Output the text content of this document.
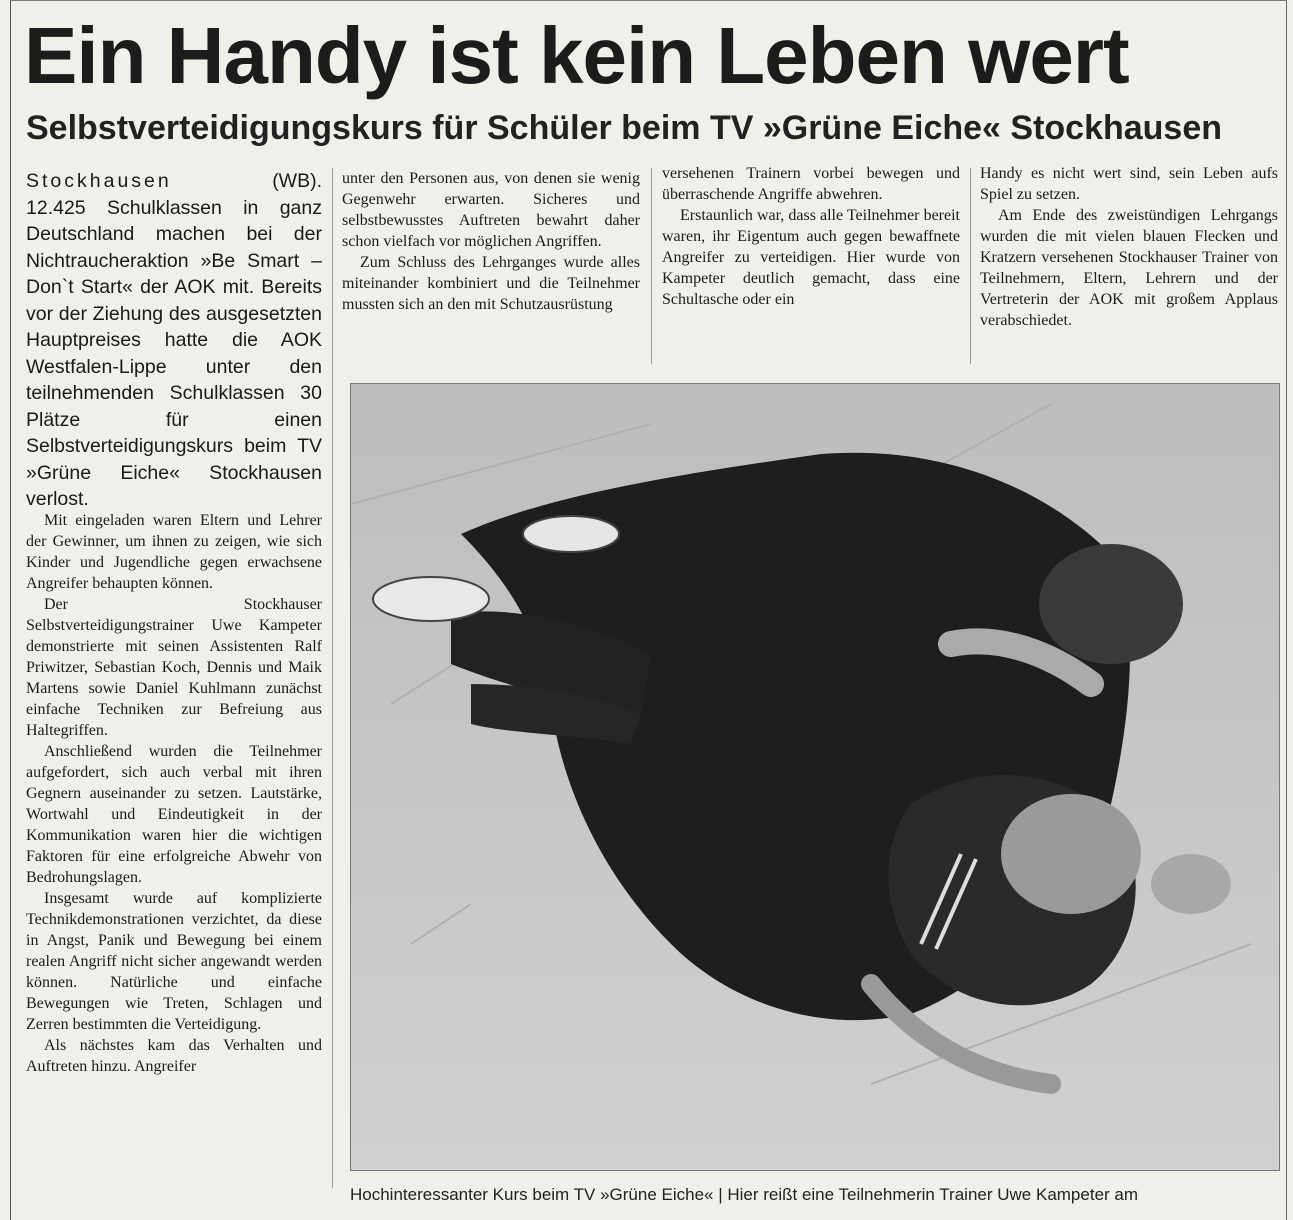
Ein Handy ist kein Leben wert
Selbstverteidigungskurs für Schüler beim TV »Grüne Eiche« Stockhausen
Stockhausen	(WB). 12.425 Schulklassen in ganz Deutschland machen bei der Nichtraucheraktion »Be Smart – Don`t Start« der AOK mit. Bereits vor der Ziehung des ausgesetzten Hauptpreises hatte die AOK Westfalen-Lippe unter den teilnehmenden Schulklassen 30 Plätze für einen Selbstverteidigungskurs beim TV »Grüne Eiche« Stockhausen verlost.

Mit eingeladen waren Eltern und Lehrer der Gewinner, um ihnen zu zeigen, wie sich Kinder und Jugendliche gegen erwachsene Angreifer behaupten können.

Der Stockhauser Selbstverteidigungstrainer Uwe Kampeter demonstrierte mit seinen Assistenten Ralf Priwitzer, Sebastian Koch, Dennis und Maik Martens sowie Daniel Kuhlmann zunächst einfache Techniken zur Befreiung aus Haltegriffen.

Anschließend wurden die Teilnehmer aufgefordert, sich auch verbal mit ihren Gegnern auseinander zu setzen. Lautstärke, Wortwahl und Eindeutigkeit in der Kommunikation waren hier die wichtigen Faktoren für eine erfolgreiche Abwehr von Bedrohungslagen.

Insgesamt wurde auf komplizierte Technikdemonstrationen verzichtet, da diese in Angst, Panik und Bewegung bei einem realen Angriff nicht sicher angewandt werden können. Natürliche und einfache Bewegungen wie Treten, Schlagen und Zerren bestimmten die Verteidigung.

Als nächstes kam das Verhalten und Auftreten hinzu. Angreifer

unter den Personen aus, von denen sie wenig Gegenwehr erwarten. Sicheres und selbstbewusstes Auftreten bewahrt daher schon vielfach vor möglichen Angriffen.

Zum Schluss des Lehrganges wurde alles miteinander kombiniert und die Teilnehmer mussten sich an den mit Schutzausrüstung

versehenen Trainern vorbei bewegen und überraschende Angriffe abwehren.

Erstaunlich war, dass alle Teilnehmer bereit waren, ihr Eigentum auch gegen bewaffnete Angreifer zu verteidigen. Hier wurde von Kampeter deutlich gemacht, dass eine Schultasche oder ein

Handy es nicht wert sind, sein Leben aufs Spiel zu setzen.

Am Ende des zweistündigen Lehrgangs wurden die mit vielen blauen Flecken und Kratzern versehenen Stockhauser Trainer von Teilnehmern, Eltern, Lehrern und der Vertreterin der AOK mit großem Applaus verabschiedet.

Hochinteressanter Kurs beim TV »Grüne Eiche« | Hier reißt eine Teilnehmerin Trainer Uwe Kampeter am
